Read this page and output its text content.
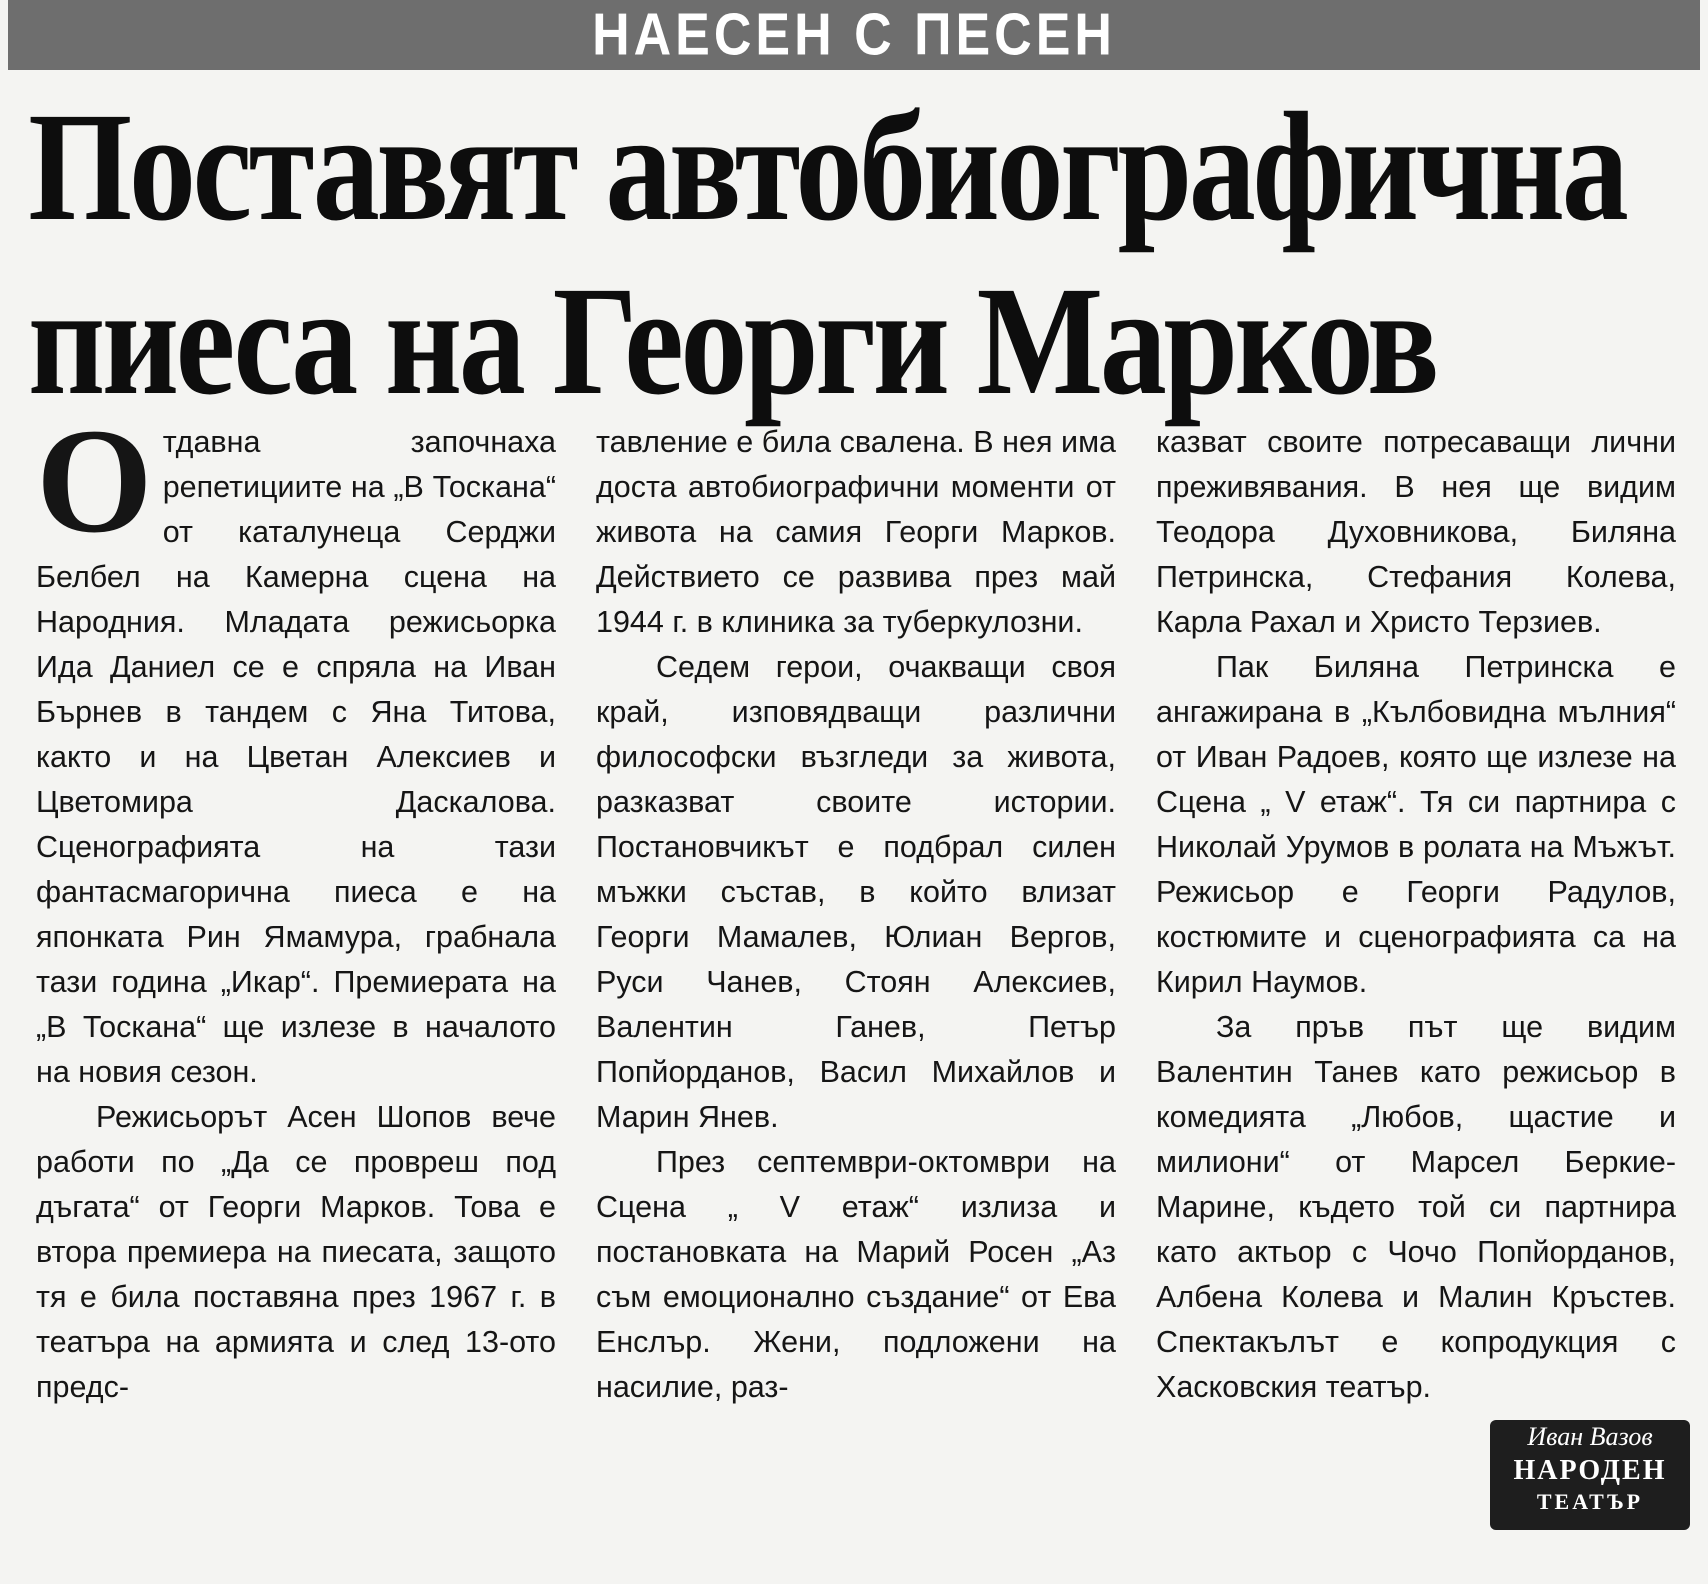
НАЕСЕН С ПЕСЕН
Поставят автобиографична
пиеса на Георги Марков

Отдавна започнаха репетициите на „В Тоскана“ от каталунеца Серджи Белбел на Камерна сцена на Народния. Младата режисьорка Ида Даниел се е спряла на Иван Бърнев в тандем с Яна Титова, както и на Цветан Алексиев и Цветомира Даскалова. Сценографията на тази фантасмагорична пиеса е на японката Рин Ямамура, грабнала тази година „Икар“. Премиерата на „В Тоскана“ ще излезе в началото на новия сезон.

Режисьорът Асен Шопов вече работи по „Да се провреш под дъгата“ от Георги Марков. Това е втора премиера на пиесата, защото тя е била поставяна през 1967 г. в театъра на армията и след 13-ото предс-

тавление е била свалена. В нея има доста автобиографични моменти от живота на самия Георги Марков. Действието се развива през май 1944 г. в клиника за туберкулозни.

Седем герои, очакващи своя край, изповядващи различни философски възгледи за живота, разказват своите истории. Постановчикът е подбрал силен мъжки състав, в който влизат Георги Мамалев, Юлиан Вергов, Руси Чанев, Стоян Алексиев, Валентин Ганев, Петър Попйорданов, Васил Михайлов и Марин Янев.

През септември-октомври на Сцена „ V етаж“ излиза и постановката на Марий Росен „Аз съм емоционално създание“ от Ева Енслър. Жени, подложени на насилие, раз-

казват своите потресаващи лични преживявания. В нея ще видим Теодора Духовникова, Биляна Петринска, Стефания Колева, Карла Рахал и Христо Терзиев.

Пак Биляна Петринска е ангажирана в „Кълбовидна мълния“ от Иван Радоев, която ще излезе на Сцена „ V етаж“. Тя си партнира с Николай Урумов в ролата на Мъжът. Режисьор е Георги Радулов, костюмите и сценографията са на Кирил Наумов.

За пръв път ще видим Валентин Танев като режисьор в комедията „Любов, щастие и милиони“ от Марсел Беркие-Марине, където той си партнира като актьор с Чочо Попйорданов, Албена Колева и Малин Кръстев. Спектакълът е копродукция с Хасковския театър.

Иван Вазов
НАРОДЕН
ТЕАТЪР
